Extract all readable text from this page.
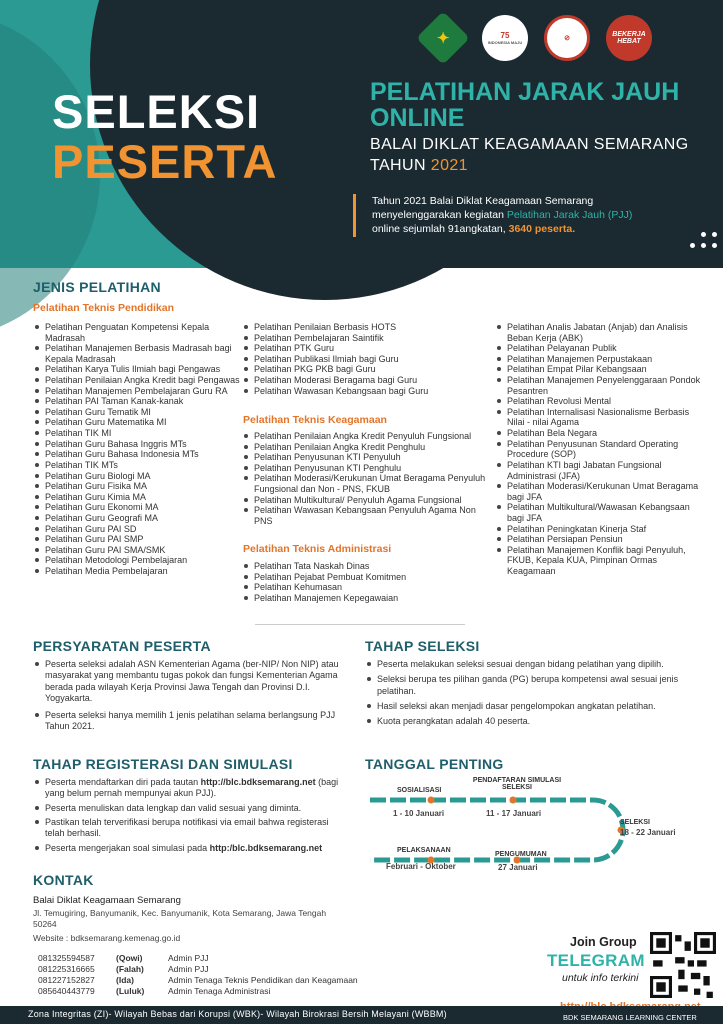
SELEKSI
PESERTA
✦	75
INDONESIA MAJU
⊘
BEKERJA HEBAT
PELATIHAN JARAK JAUH ONLINE
BALAI DIKLAT KEAGAMAAN SEMARANG
TAHUN 2021
Tahun 2021 Balai Diklat Keagamaan Semarang menyelenggarakan kegiatan Pelatihan Jarak Jauh (PJJ) online sejumlah 91angkatan, 3640 peserta.
JENIS PELATIHAN
Pelatihan Teknis Pendidikan
Pelatihan Penguatan Kompetensi Kepala Madrasah
Pelatihan Manajemen Berbasis Madrasah bagi Kepala Madrasah
Pelatihan Karya Tulis Ilmiah bagi Pengawas
Pelatihan Penilaian Angka Kredit bagi Pengawas
Pelatihan Manajemen Pembelajaran Guru RA
Pelatihan PAI Taman Kanak-kanak
Pelatihan Guru Tematik MI
Pelatihan Guru Matematika MI
Pelatihan TIK MI
Pelatihan Guru Bahasa Inggris MTs
Pelatihan Guru Bahasa Indonesia MTs
Pelatihan TIK MTs
Pelatihan Guru Biologi MA
Pelatihan Guru Fisika MA
Pelatihan Guru Kimia MA
Pelatihan Guru Ekonomi MA
Pelatihan Guru Geografi MA
Pelatihan Guru PAI SD
Pelatihan Guru PAI SMP
Pelatihan Guru PAI SMA/SMK
Pelatihan Metodologi Pembelajaran
Pelatihan Media Pembelajaran
Pelatihan Penilaian Berbasis HOTS
Pelatihan Pembelajaran Saintifik
Pelatihan PTK Guru
Pelatihan Publikasi Ilmiah bagi Guru
Pelatihan PKG PKB bagi Guru
Pelatihan Moderasi Beragama bagi Guru
Pelatihan Wawasan Kebangsaan bagi Guru
Pelatihan Teknis Keagamaan
Pelatihan Penilaian Angka Kredit Penyuluh Fungsional
Pelatihan Penilaian Angka Kredit Penghulu
Pelatihan Penyusunan KTI Penyuluh
Pelatihan Penyusunan KTI Penghulu
Pelatihan Moderasi/Kerukunan Umat Beragama Penyuluh Fungsional dan Non - PNS, FKUB
Pelatihan Multikultural/ Penyuluh Agama Fungsional
Pelatihan Wawasan Kebangsaan Penyuluh Agama Non PNS
Pelatihan Teknis Administrasi
Pelatihan Tata Naskah Dinas
Pelatihan Pejabat Pembuat Komitmen
Pelatihan Kehumasan
Pelatihan Manajemen Kepegawaian
Pelatihan Analis Jabatan (Anjab) dan Analisis Beban Kerja (ABK)
Pelatihan Pelayanan Publik
Pelatihan Manajemen Perpustakaan
Pelatihan Empat Pilar Kebangsaan
Pelatihan Manajemen Penyelenggaraan Pondok Pesantren
Pelatihan Revolusi Mental
Pelatihan Internalisasi Nasionalisme Berbasis Nilai - nilai Agama
Pelatihan Bela Negara
Pelatihan Penyusunan Standard Operating Procedure (SOP)
Pelatihan KTI bagi Jabatan Fungsional Administrasi (JFA)
Pelatihan Moderasi/Kerukunan Umat Beragama bagi JFA
Pelatihan Multikultural/Wawasan Kebangsaan bagi JFA
Pelatihan Peningkatan Kinerja Staf
Pelatihan Persiapan Pensiun
Pelatihan Manajemen Konflik bagi Penyuluh, FKUB, Kepala KUA, Pimpinan Ormas Keagamaan
PERSYARATAN PESERTA
Peserta seleksi adalah ASN Kementerian Agama (ber-NIP/ Non NIP) atau masyarakat yang membantu tugas pokok dan fungsi Kementerian Agama berada pada wilayah Kerja Provinsi Jawa Tengah dan Provinsi D.I. Yogyakarta.
Peserta seleksi hanya memilih 1 jenis pelatihan selama berlangsung PJJ Tahun 2021.
TAHAP SELEKSI
Peserta melakukan seleksi sesuai dengan bidang pelatihan yang dipilih.
Seleksi berupa tes pilihan ganda (PG) berupa kompetensi awal sesuai jenis pelatihan.
Hasil seleksi akan menjadi dasar pengelompokan angkatan pelatihan.
Kuota perangkatan adalah 40 peserta.
TAHAP REGISTERASI DAN SIMULASI
Peserta mendaftarkan diri pada tautan http://blc.bdksemarang.net (bagi yang belum pernah mempunyai akun PJJ).
Peserta menuliskan data lengkap dan valid sesuai yang diminta.
Pastikan telah terverifikasi berupa notifikasi via email bahwa registerasi telah berhasil.
Peserta mengerjakan soal simulasi pada http:/blc.bdksemarang.net
TANGGAL PENTING
SOSIALISASI
1 - 10 Januari
PENDAFTARAN SIMULASI SELEKSI
11 - 17 Januari
SELEKSI
18 - 22 Januari
PENGUMUMAN
27 Januari
PELAKSANAAN
Februari - Oktober
KONTAK
Balai Diklat Keagamaan Semarang
Jl. Temugiring, Banyumanik, Kec. Banyumanik, Kota Semarang, Jawa Tengah 50264
Website : bdksemarang.kemenag.go.id
081325594587	(Qowi)	Admin PJJ
081225316665	(Falah)	Admin PJJ
081227152827	(Ida)	Admin Tenaga Teknis Pendidikan dan Keagamaan
085640443779	(Luluk)	Admin Tenaga Administrasi
Join Group
TELEGRAM
untuk info terkini
Zona Integritas (ZI)- Wilayah Bebas dari Korupsi (WBK)- Wilayah Birokrasi Bersih Melayani (WBBM)	BDK SEMARANG LEARNING CENTER
